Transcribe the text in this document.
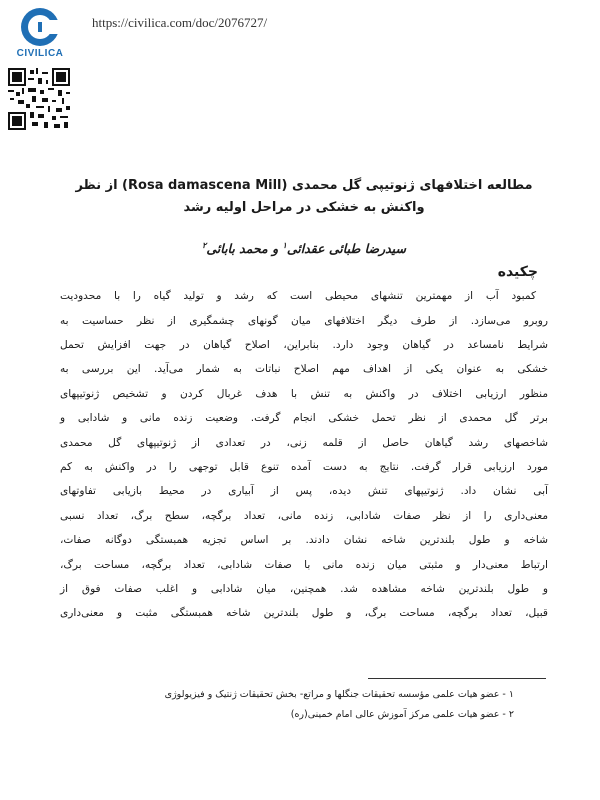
CIVILICA
https://civilica.com/doc/2076727/
مطالعه اختلافهای ژنوتیپی گل محمدی (Rosa damascena Mill) از نظر
واکنش به خشکی در مراحل اولیه رشد
سیدرضا طبائی عقدائی$^۱$ و محمد بابائی$^۲$
چکیده
کمبود آب از مهمترین تنشهای محیطی است که رشد و تولید گیاه را با محدودیت
روبرو می‌سازد. از طرف دیگر اختلافهای میان گونهای چشمگیری از نظر حساسیت به
شرایط نامساعد در گیاهان وجود دارد. بنابراین، اصلاح گیاهان در جهت افزایش تحمل
خشکی به عنوان یکی از اهداف مهم اصلاح نباتات به شمار می‌آید. این بررسی به
منظور ارزیابی اختلاف در واکنش به تنش با هدف غربال کردن و تشخیص ژنوتیپهای
برتر گل محمدی از نظر تحمل خشکی انجام گرفت. وضعیت زنده مانی و شادابی و
شاخصهای رشد گیاهان حاصل از قلمه زنی، در تعدادی از ژنوتیپهای گل محمدی
مورد ارزیابی قرار گرفت. نتایج به دست آمده تنوع قابل توجهی را در واکنش به کم
آبی نشان داد. ژنوتیپهای تنش دیده، پس از آبیاری در محیط بازیابی تفاوتهای
معنی‌داری را از نظر صفات شادابی، زنده مانی، تعداد برگچه، سطح برگ، تعداد نسبی
شاخه و طول بلندترین شاخه نشان دادند. بر اساس تجزیه همبستگی دوگانه صفات،
ارتباط معنی‌دار و مثبتی میان زنده مانی با صفات شادابی، تعداد برگچه، مساحت برگ،
و طول بلندترین شاخه مشاهده شد. همچنین، میان شادابی و اغلب صفات فوق از
قبیل، تعداد برگچه، مساحت برگ، و طول بلندترین شاخه همبستگی مثبت و معنی‌داری
۱ - عضو هیات علمی مؤسسه تحقیقات جنگلها و مراتع- بخش تحقیقات ژنتیک و فیزیولوژی
۲ - عضو هیات علمی مرکز آموزش عالی امام خمینی(ره)
